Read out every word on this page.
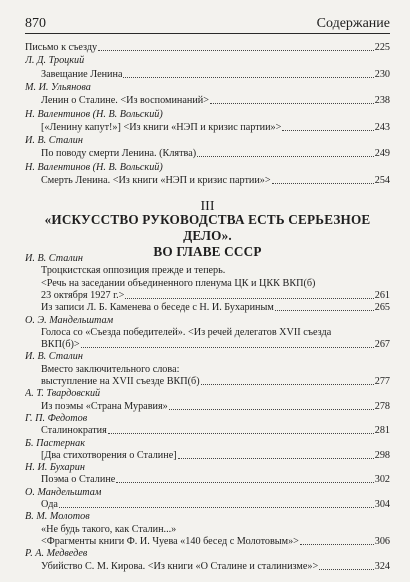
870	Содержание
Письмо к съезду	225
Л. Д. Троцкий
Завещание Ленина	230
М. И. Ульянова
Ленин о Сталине. <Из воспоминаний>	238
Н. Валентинов (Н. В. Вольский)
[«Ленину капут!»] <Из книги «НЭП и кризис партии»>	243
И. В. Сталин
По поводу смерти Ленина. (Клятва)	249
Н. Валентинов (Н. В. Вольский)
Смерть Ленина. <Из книги «НЭП и кризис партии»>	254
III
«ИСКУССТВО РУКОВОДСТВА ЕСТЬ СЕРЬЕЗНОЕ ДЕЛО».
ВО ГЛАВЕ СССР
И. В. Сталин
Троцкистская оппозиция прежде и теперь.
<Речь на заседании объединенного пленума ЦК и ЦКК ВКП(б)
23 октября 1927 г.>	261
Из записи Л. Б. Каменева о беседе с Н. И. Бухариным	265
О. Э. Мандельштам
Голоса со «Съезда победителей». <Из речей делегатов XVII съезда
ВКП(б)>	267
И. В. Сталин
Вместо заключительного слова:
выступление на XVII съезде ВКП(б)	277
А. Т. Твардовский
Из поэмы «Страна Муравия»	278
Г. П. Федотов
Сталинократия	281
Б. Пастернак
[Два стихотворения о Сталине]	298
Н. И. Бухарин
Поэма о Сталине	302
О. Мандельштам
Ода	304
В. М. Молотов
«Не будь такого, как Сталин...»
<Фрагменты книги Ф. И. Чуева «140 бесед с Молотовым»>	306
Р. А. Медведев
Убийство С. М. Кирова. <Из книги «О Сталине и сталинизме»>	324
